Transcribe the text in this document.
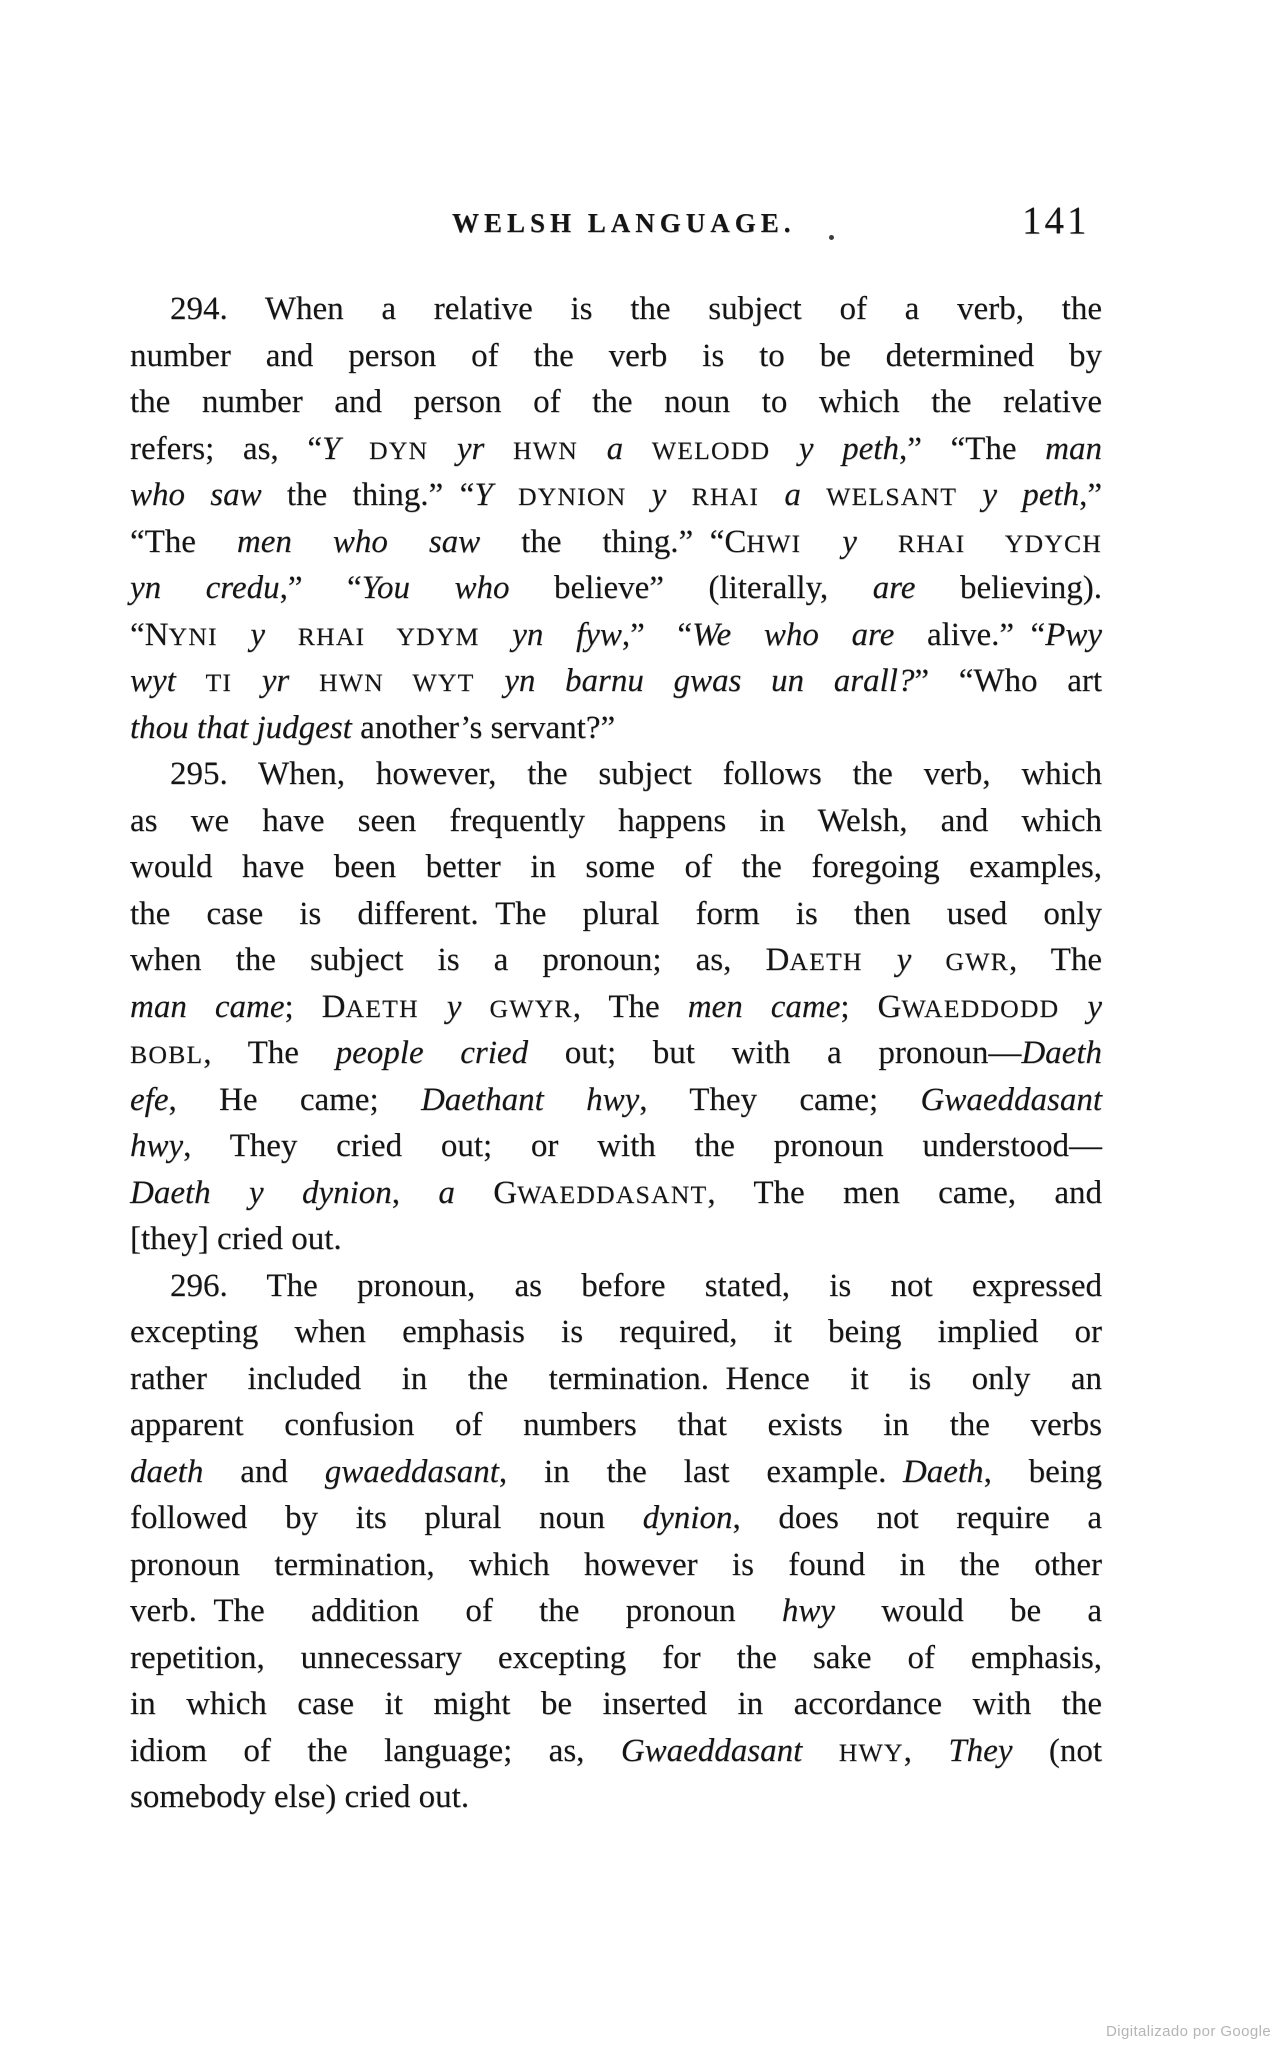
WELSH LANGUAGE.	141
294. When a relative is the subject of a verb, the
number and person of the verb is to be determined by
the number and person of the noun to which the relative
refers; as, “Y DYN yr HWN a WELODD y peth,” “The man
who saw the thing.” “Y DYNION y RHAI a WELSANT y peth,”
“The men who saw the thing.” “CHWI y RHAI YDYCH
yn credu,” “You who believe” (literally, are believing).
“NYNI y RHAI YDYM yn fyw,” “We who are alive.” “Pwy
wyt TI yr HWN WYT yn barnu gwas un arall?” “Who art
thou that judgest another’s servant?”
295. When, however, the subject follows the verb, which
as we have seen frequently happens in Welsh, and which
would have been better in some of the foregoing examples,
the case is different. The plural form is then used only
when the subject is a pronoun; as, DAETH y GWR, The
man came; DAETH y GWYR, The men came; GWAEDDODD y
BOBL, The people cried out; but with a pronoun—Daeth
efe, He came; Daethant hwy, They came; Gwaeddasant
hwy, They cried out; or with the pronoun understood—
Daeth y dynion, a GWAEDDASANT, The men came, and
[they] cried out.
296. The pronoun, as before stated, is not expressed
excepting when emphasis is required, it being implied or
rather included in the termination. Hence it is only an
apparent confusion of numbers that exists in the verbs
daeth and gwaeddasant, in the last example. Daeth, being
followed by its plural noun dynion, does not require a
pronoun termination, which however is found in the other
verb. The addition of the pronoun hwy would be a
repetition, unnecessary excepting for the sake of emphasis,
in which case it might be inserted in accordance with the
idiom of the language; as, Gwaeddasant HWY, They (not
somebody else) cried out.
Digitalizado por Google
